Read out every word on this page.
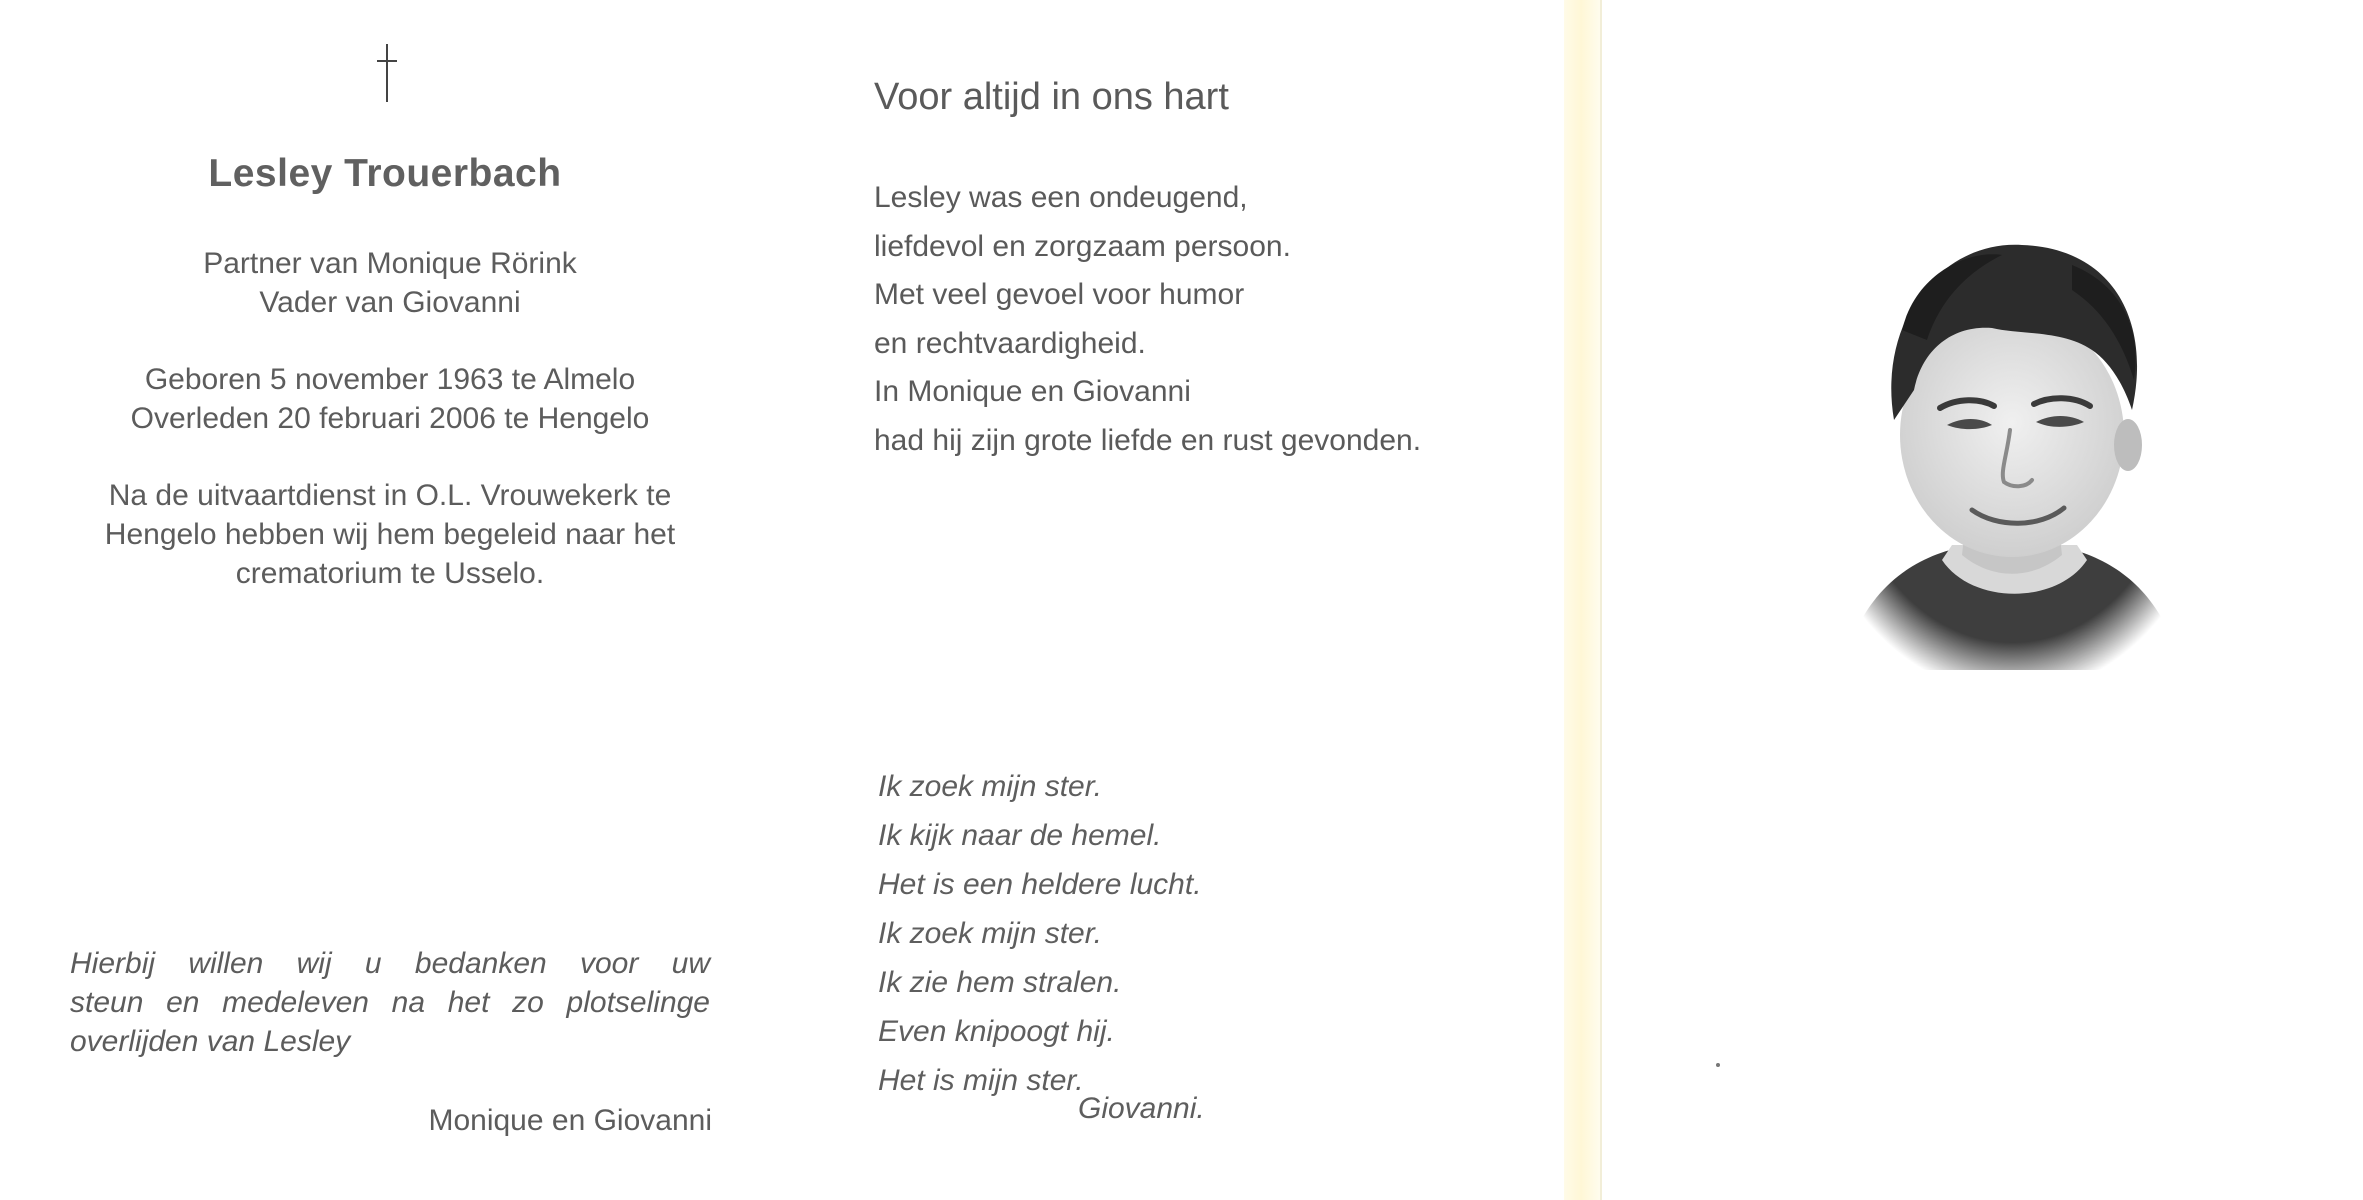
Lesley Trouerbach
Partner van Monique Rörink
Vader van Giovanni
Geboren 5 november 1963 te Almelo
Overleden 20 februari 2006 te Hengelo
Na de uitvaartdienst in O.L. Vrouwekerk te
Hengelo hebben wij hem begeleid naar het
crematorium te Usselo.
Hierbij willen wij u bedanken voor uw
steun en medeleven na het zo plotselinge
overlijden van Lesley
Monique en Giovanni
Voor altijd in ons hart
Lesley was een ondeugend,
liefdevol en zorgzaam persoon.
Met veel gevoel voor humor
en rechtvaardigheid.
In Monique en Giovanni
had hij zijn grote liefde en rust gevonden.
Ik zoek mijn ster.
Ik kijk naar de hemel.
Het is een heldere lucht.
Ik zoek mijn ster.
Ik zie hem stralen.
Even knipoogt hij.
Het is mijn ster.
Giovanni.
